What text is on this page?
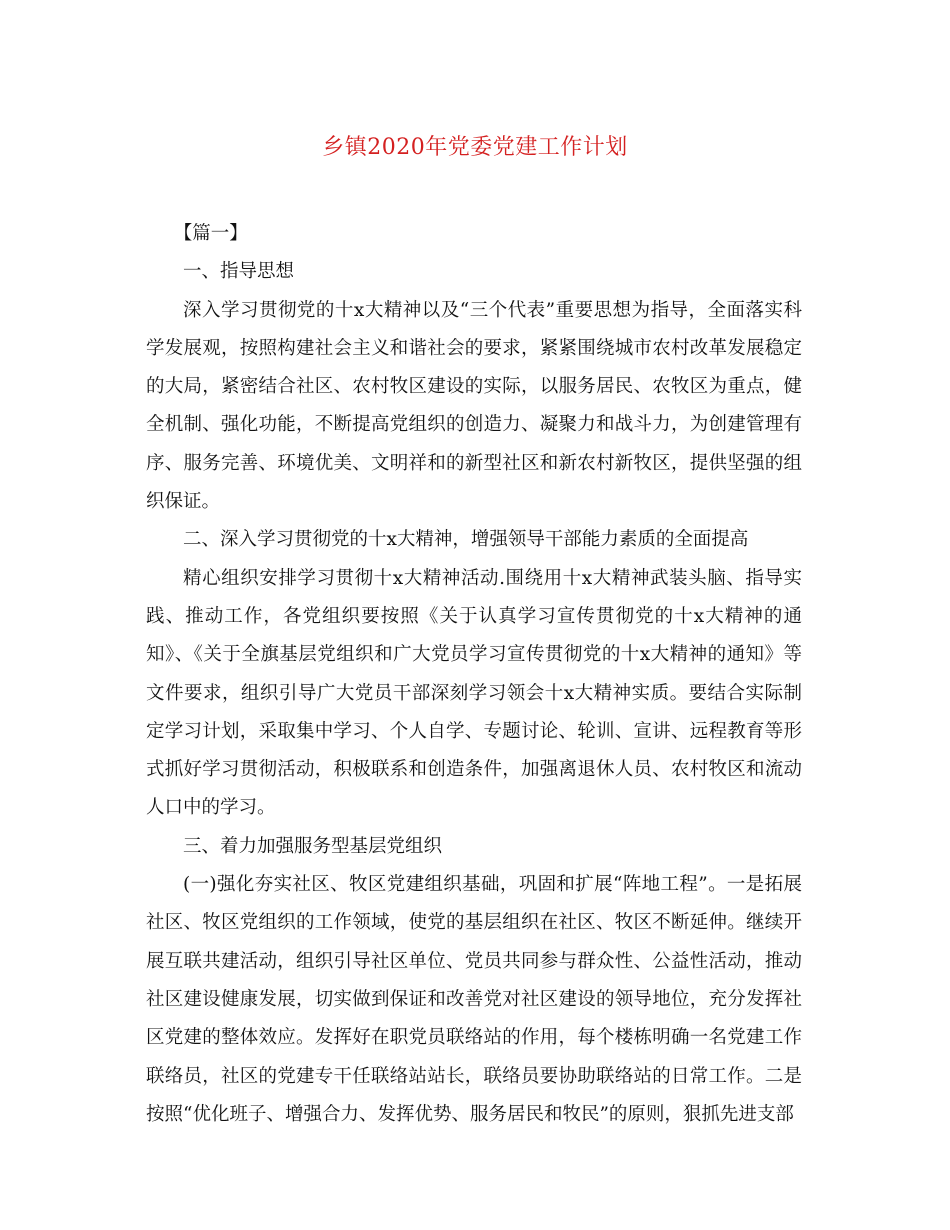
乡镇2020年党委党建工作计划

【篇一】

一、指导思想

深入学习贯彻党的十x大精神以及“三个代表”重要思想为指导，全面落实科学发展观，按照构建社会主义和谐社会的要求，紧紧围绕城市农村改革发展稳定的大局，紧密结合社区、农村牧区建设的实际，以服务居民、农牧区为重点，健全机制、强化功能，不断提高党组织的创造力、凝聚力和战斗力，为创建管理有序、服务完善、环境优美、文明祥和的新型社区和新农村新牧区，提供坚强的组织保证。

二、深入学习贯彻党的十x大精神，增强领导干部能力素质的全面提高

精心组织安排学习贯彻十x大精神活动.围绕用十x大精神武装头脑、指导实践、推动工作，各党组织要按照《关于认真学习宣传贯彻党的十x大精神的通知》、《关于全旗基层党组织和广大党员学习宣传贯彻党的十x大精神的通知》等文件要求，组织引导广大党员干部深刻学习领会十x大精神实质。要结合实际制定学习计划，采取集中学习、个人自学、专题讨论、轮训、宣讲、远程教育等形式抓好学习贯彻活动，积极联系和创造条件，加强离退休人员、农村牧区和流动人口中的学习。

三、着力加强服务型基层党组织

(一)强化夯实社区、牧区党建组织基础，巩固和扩展“阵地工程”。一是拓展社区、牧区党组织的工作领域，使党的基层组织在社区、牧区不断延伸。继续开展互联共建活动，组织引导社区单位、党员共同参与群众性、公益性活动，推动社区建设健康发展，切实做到保证和改善党对社区建设的领导地位，充分发挥社区党建的整体效应。发挥好在职党员联络站的作用，每个楼栋明确一名党建工作联络员，社区的党建专干任联络站站长，联络员要协助联络站的日常工作。二是按照“优化班子、增强合力、发挥优势、服务居民和牧民”的原则，狠抓先进支部
